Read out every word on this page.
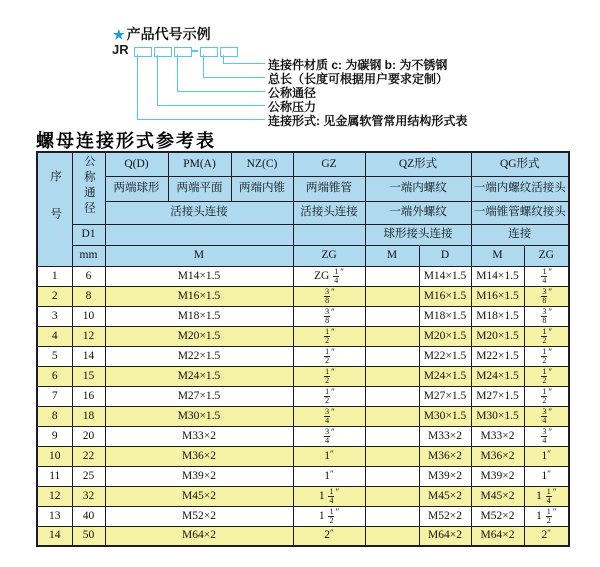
★ 产品代号示例
JR
连接件材质 c: 为碳钢 b: 为不锈钢
总长（长度可根据用户要求定制）
公称通径
公称压力
连接形式: 见金属软管常用结构形式表
螺母连接形式参考表
序号	公称通径	Q(D)	PM(A)	NZ(C)	GZ	QZ形式		QG形式	
		两端球形	两端平面	两端内锥	两端锥管	一端内螺纹		一端内螺纹活接头	
		活接头连接			活接头连接	一端外螺纹		一端锥管螺纹接头	
	D1					球形接头连接		连接	
	mm	M			ZG	M	D	M	ZG
1	6	M14×1.5			ZG $\frac{1}{4} ''$		M14×1.5	M14×1.5	$\frac{1}{4} ''$
2	8	M16×1.5			$\frac{3}{8} ''$		M16×1.5	M16×1.5	$\frac{3}{8} ''$
3	10	M18×1.5			$\frac{3}{8} ''$		M18×1.5	M18×1.5	$\frac{3}{8} ''$
4	12	M20×1.5			$\frac{1}{2} ''$		M20×1.5	M20×1.5	$\frac{1}{2} ''$
5	14	M22×1.5			$\frac{1}{2} ''$		M22×1.5	M22×1.5	$\frac{1}{2} ''$
6	15	M24×1.5			$\frac{1}{2} ''$		M24×1.5	M24×1.5	$\frac{1}{2} ''$
7	16	M27×1.5			$\frac{1}{2} ''$		M27×1.5	M27×1.5	$\frac{1}{2} ''$
8	18	M30×1.5			$\frac{3}{4} ''$		M30×1.5	M30×1.5	$\frac{3}{4} ''$
9	20	M33×2			$\frac{3}{4} ''$		M33×2	M33×2	$\frac{3}{4} ''$
10	22	M36×2			1″		M36×2	M36×2	1″
11	25	M39×2			1″		M39×2	M39×2	1″
12	32	M45×2			$1 \frac{1}{4} ''$		M45×2	M45×2	$1 \frac{1}{4} ''$
13	40	M52×2			$1 \frac{1}{2} ''$		M52×2	M52×2	$1 \frac{1}{2} ''$
14	50	M64×2			2″		M64×2	M64×2	2″
